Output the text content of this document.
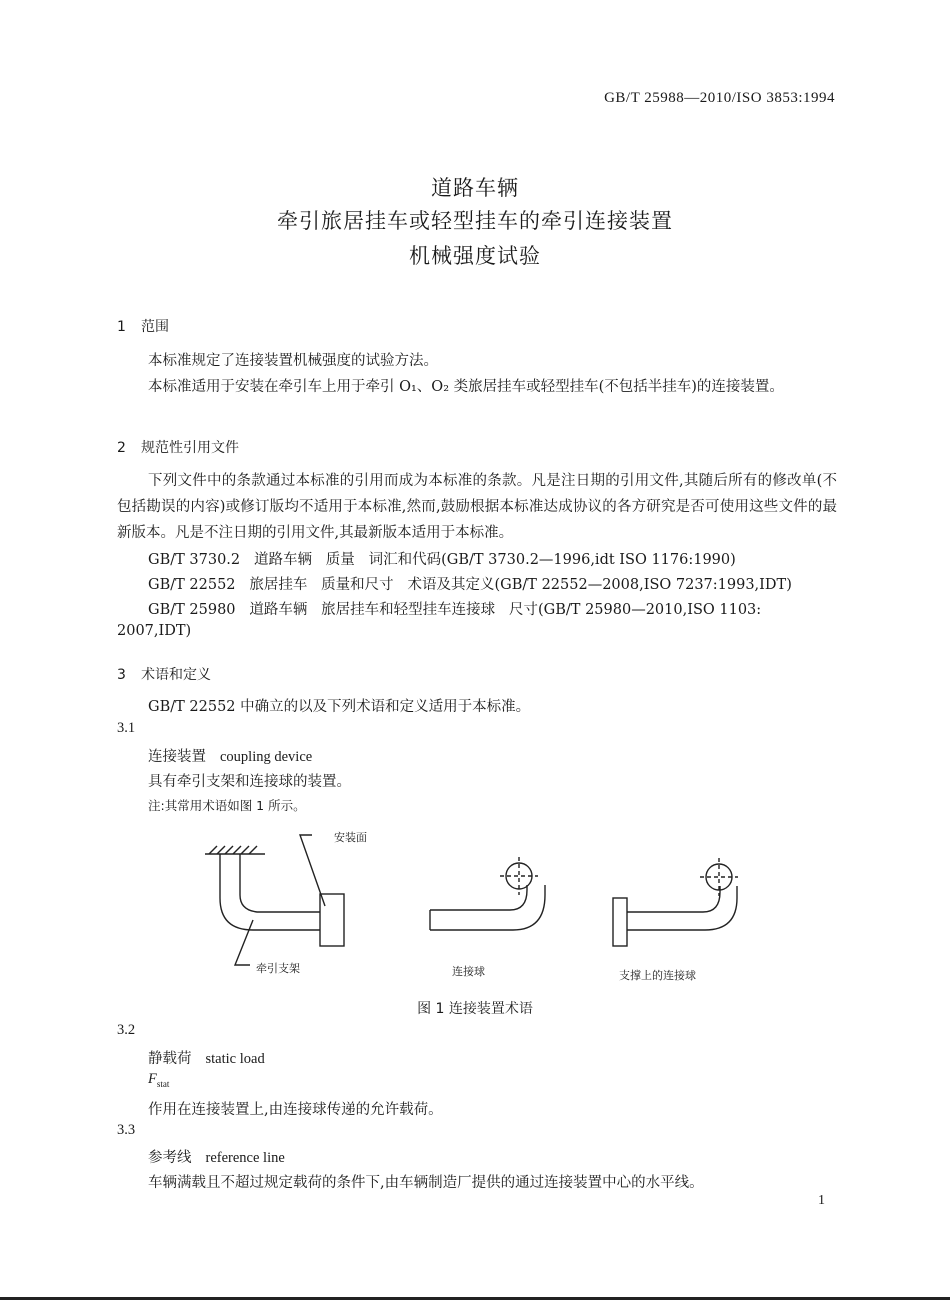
GB/T 25988—2010/ISO 3853:1994
道路车辆
牵引旅居挂车或轻型挂车的牵引连接装置
机械强度试验
1 范围
本标准规定了连接装置机械强度的试验方法。
本标准适用于安装在牵引车上用于牵引 O₁、O₂ 类旅居挂车或轻型挂车(不包括半挂车)的连接装置。
2 规范性引用文件
下列文件中的条款通过本标准的引用而成为本标准的条款。凡是注日期的引用文件,其随后所有的修改单(不包括勘误的内容)或修订版均不适用于本标准,然而,鼓励根据本标准达成协议的各方研究是否可使用这些文件的最新版本。凡是不注日期的引用文件,其最新版本适用于本标准。
GB/T 3730.2   道路车辆   质量   词汇和代码(GB/T 3730.2—1996,idt ISO 1176:1990)
GB/T 22552   旅居挂车   质量和尺寸   术语及其定义(GB/T 22552—2008,ISO 7237:1993,IDT)
GB/T 25980   道路车辆   旅居挂车和轻型挂车连接球   尺寸(GB/T 25980—2010,ISO 1103:
2007,IDT)
3 术语和定义
GB/T 22552 中确立的以及下列术语和定义适用于本标准。
3.1
连接装置 coupling device
具有牵引支架和连接球的装置。
注:其常用术语如图 1 所示。
安装面
牵引支架	连接球	支撑上的连接球
图 1 连接装置术语
3.2
静载荷 static load
$F_{stat}$
作用在连接装置上,由连接球传递的允许载荷。
3.3
参考线 reference line
车辆满载且不超过规定载荷的条件下,由车辆制造厂提供的通过连接装置中心的水平线。
1
